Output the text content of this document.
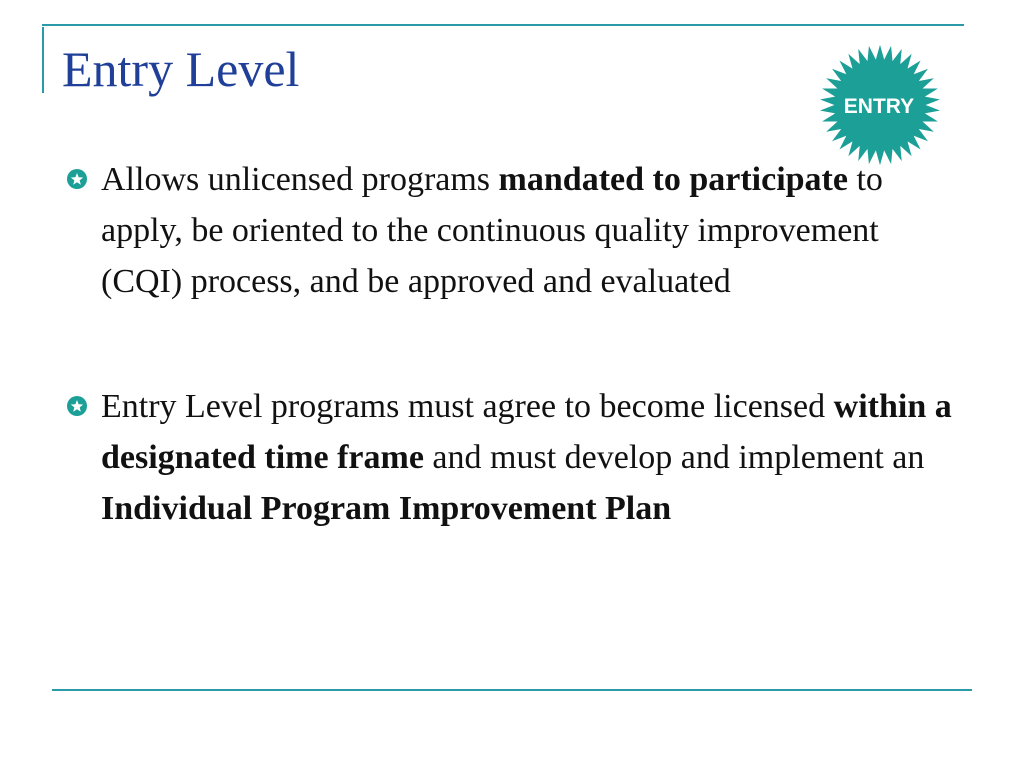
Entry Level
ENTRY
Allows unlicensed programs mandated to participate to apply, be oriented to the continuous quality improvement (CQI) process, and be approved and evaluated
Entry Level programs must agree to become licensed within a designated time frame and must develop and implement an Individual Program Improvement Plan
